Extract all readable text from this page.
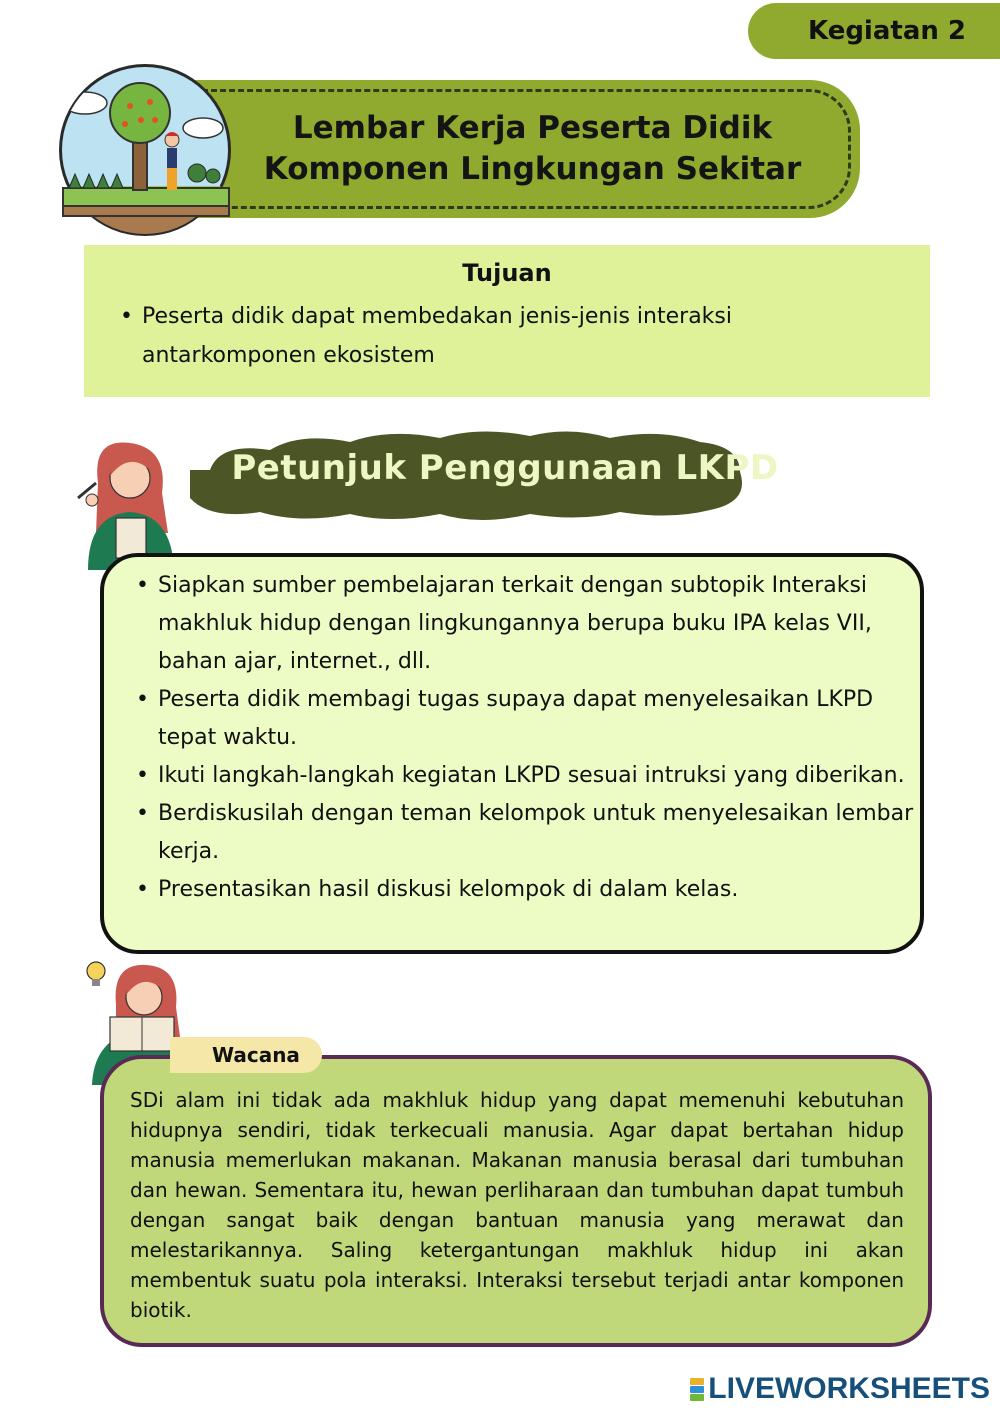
Kegiatan 2
Lembar Kerja Peserta Didik
Komponen Lingkungan Sekitar
Tujuan
• Peserta didik dapat membedakan jenis-jenis interaksi antarkomponen ekosistem
Petunjuk Penggunaan LKPD
• Siapkan sumber pembelajaran terkait dengan subtopik Interaksi makhluk hidup dengan lingkungannya berupa buku IPA kelas VII, bahan ajar, internet., dll.
• Peserta didik membagi tugas supaya dapat menyelesaikan LKPD tepat waktu.
• Ikuti langkah-langkah kegiatan LKPD sesuai intruksi yang diberikan.
• Berdiskusilah dengan teman kelompok untuk menyelesaikan lembar kerja.
• Presentasikan hasil diskusi kelompok di dalam kelas.

SDi alam ini tidak ada makhluk hidup yang dapat memenuhi kebutuhan hidupnya sendiri, tidak terkecuali manusia. Agar dapat bertahan hidup manusia memerlukan makanan. Makanan manusia berasal dari tumbuhan dan hewan. Sementara itu, hewan perliharaan dan tumbuhan dapat tumbuh dengan sangat baik dengan bantuan manusia yang merawat dan melestarikannya. Saling ketergantungan makhluk hidup ini akan membentuk suatu pola interaksi. Interaksi tersebut terjadi antar komponen biotik.

Wacana
LIVEWORKSHEETS
